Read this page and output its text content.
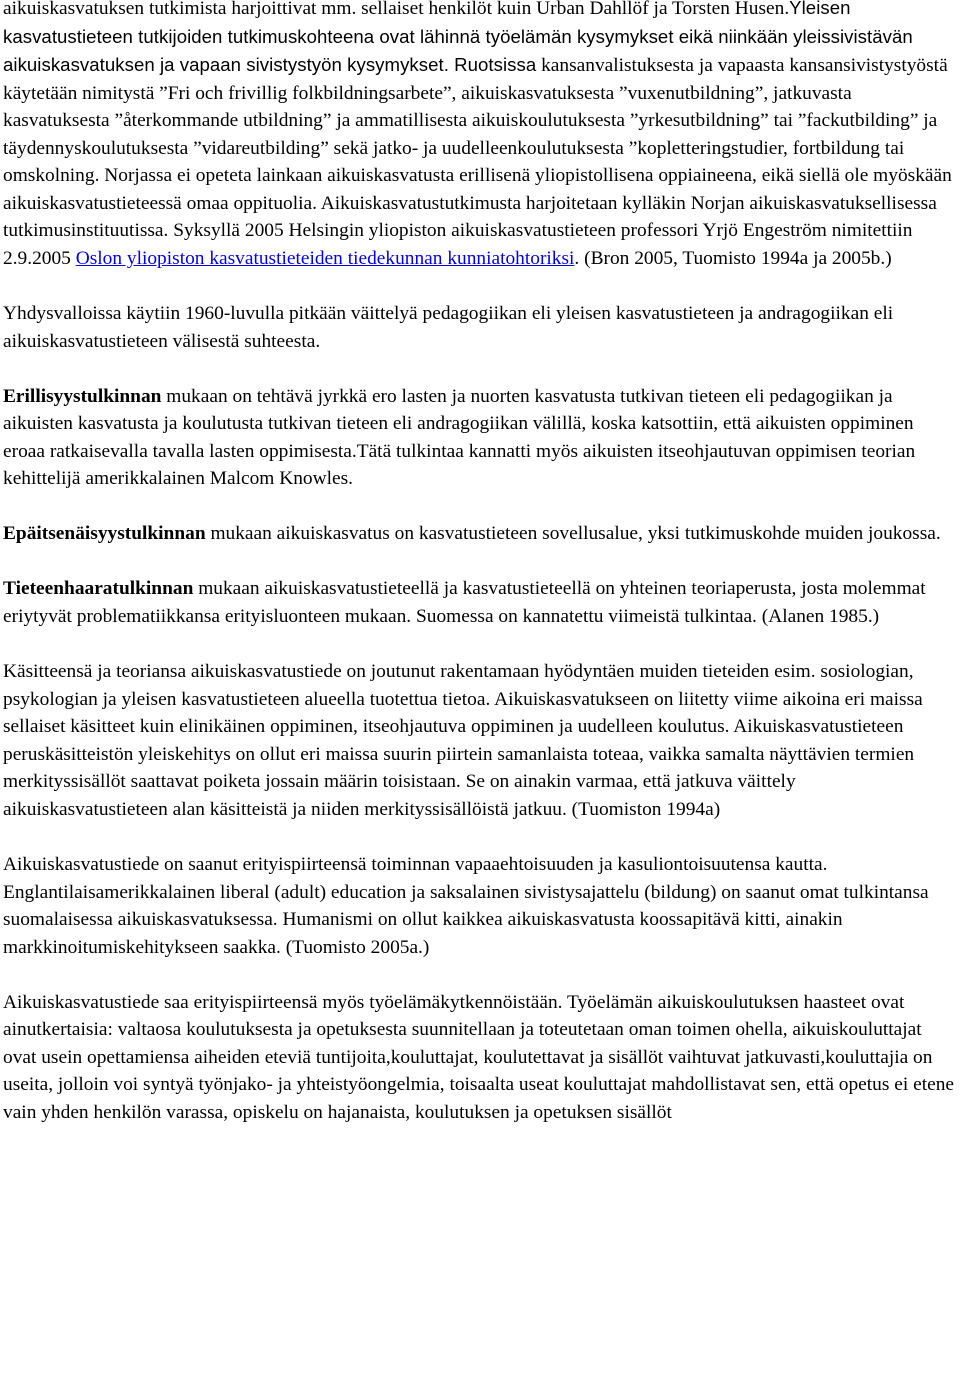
aikuiskasvatuksen tutkimista harjoittivat mm. sellaiset henkilöt kuin Urban Dahllöf ja Torsten Husen.Yleisen kasvatustieteen tutkijoiden tutkimuskohteena ovat lähinnä työelämän kysymykset eikä niinkään yleissivistävän aikuiskasvatuksen ja vapaan sivistystyön kysymykset. Ruotsissa kansanvalistuksesta ja vapaasta kansansivistystyöstä käytetään nimitystä ”Fri och frivillig folkbildningsarbete”, aikuiskasvatuksesta ”vuxenutbildning”, jatkuvasta kasvatuksesta ”återkommande utbildning” ja ammatillisesta aikuiskoulutuksesta ”yrkesutbildning” tai ”fackutbilding” ja täydennyskoulutuksesta ”vidareutbilding” sekä jatko- ja uudelleenkoulutuksesta ”kopletteringstudier, fortbildung tai omskolning. Norjassa ei opeteta lainkaan aikuiskasvatusta erillisenä yliopistollisena oppiaineena, eikä siellä ole myöskään aikuiskasvatustieteessä omaa oppituolia. Aikuiskasvatustutkimusta harjoitetaan kylläkin Norjan aikuiskasvatuksellisessa tutkimusinstituutissa. Syksyllä 2005 Helsingin yliopiston aikuiskasvatustieteen professori Yrjö Engeström nimitettiin 2.9.2005 Oslon yliopiston kasvatustieteiden tiedekunnan kunniatohtoriksi. (Bron 2005, Tuomisto 1994a ja 2005b.)

Yhdysvalloissa käytiin 1960-luvulla pitkään väittelyä pedagogiikan eli yleisen kasvatustieteen ja andragogiikan eli aikuiskasvatustieteen välisestä suhteesta.

Erillisyystulkinnan mukaan on tehtävä jyrkkä ero lasten ja nuorten kasvatusta tutkivan tieteen eli pedagogiikan ja aikuisten kasvatusta ja koulutusta tutkivan tieteen eli andragogiikan välillä, koska katsottiin, että aikuisten oppiminen eroaa ratkaisevalla tavalla lasten oppimisesta.Tätä tulkintaa kannatti myös aikuisten itseohjautuvan oppimisen teorian kehittelijä amerikkalainen Malcom Knowles.

Epäitsenäisyystulkinnan mukaan aikuiskasvatus on kasvatustieteen sovellusalue, yksi tutkimuskohde muiden joukossa.

Tieteenhaaratulkinnan mukaan aikuiskasvatustieteellä ja kasvatustieteellä on yhteinen teoriaperusta, josta molemmat eriytyvät problematiikkansa erityisluonteen mukaan. Suomessa on kannatettu viimeistä tulkintaa. (Alanen 1985.)

Käsitteensä ja teoriansa aikuiskasvatustiede on joutunut rakentamaan hyödyntäen muiden tieteiden esim. sosiologian, psykologian ja yleisen kasvatustieteen alueella tuotettua tietoa. Aikuiskasvatukseen on liitetty viime aikoina eri maissa sellaiset käsitteet kuin elinikäinen oppiminen, itseohjautuva oppiminen ja uudelleen koulutus. Aikuiskasvatustieteen peruskäsitteistön yleiskehitys on ollut eri maissa suurin piirtein samanlaista toteaa, vaikka samalta näyttävien termien merkityssisällöt saattavat poiketa jossain määrin toisistaan. Se on ainakin varmaa, että jatkuva väittely aikuiskasvatustieteen alan käsitteistä ja niiden merkityssisällöistä jatkuu. (Tuomiston 1994a)

Aikuiskasvatustiede on saanut erityispiirteensä toiminnan vapaaehtoisuuden ja kasuliontoisuutensa kautta. Englantilaisamerikkalainen liberal (adult) education ja saksalainen sivistysajattelu (bildung) on saanut omat tulkintansa suomalaisessa aikuiskasvatuksessa. Humanismi on ollut kaikkea aikuiskasvatusta koossapitävä kitti, ainakin markkinoitumiskehitykseen saakka. (Tuomisto 2005a.)

Aikuiskasvatustiede saa erityispiirteensä myös työelämäkytkennöistään. Työelämän aikuiskoulutuksen haasteet ovat ainutkertaisia: valtaosa koulutuksesta ja opetuksesta suunnitellaan ja toteutetaan oman toimen ohella, aikuiskouluttajat ovat usein opettamiensa aiheiden eteviä tuntijoita,kouluttajat, koulutettavat ja sisällöt vaihtuvat jatkuvasti,kouluttajia on useita, jolloin voi syntyä työnjako- ja yhteistyöongelmia, toisaalta useat kouluttajat mahdollistavat sen, että opetus ei etene vain yhden henkilön varassa, opiskelu on hajanaista, koulutuksen ja opetuksen sisällöt
